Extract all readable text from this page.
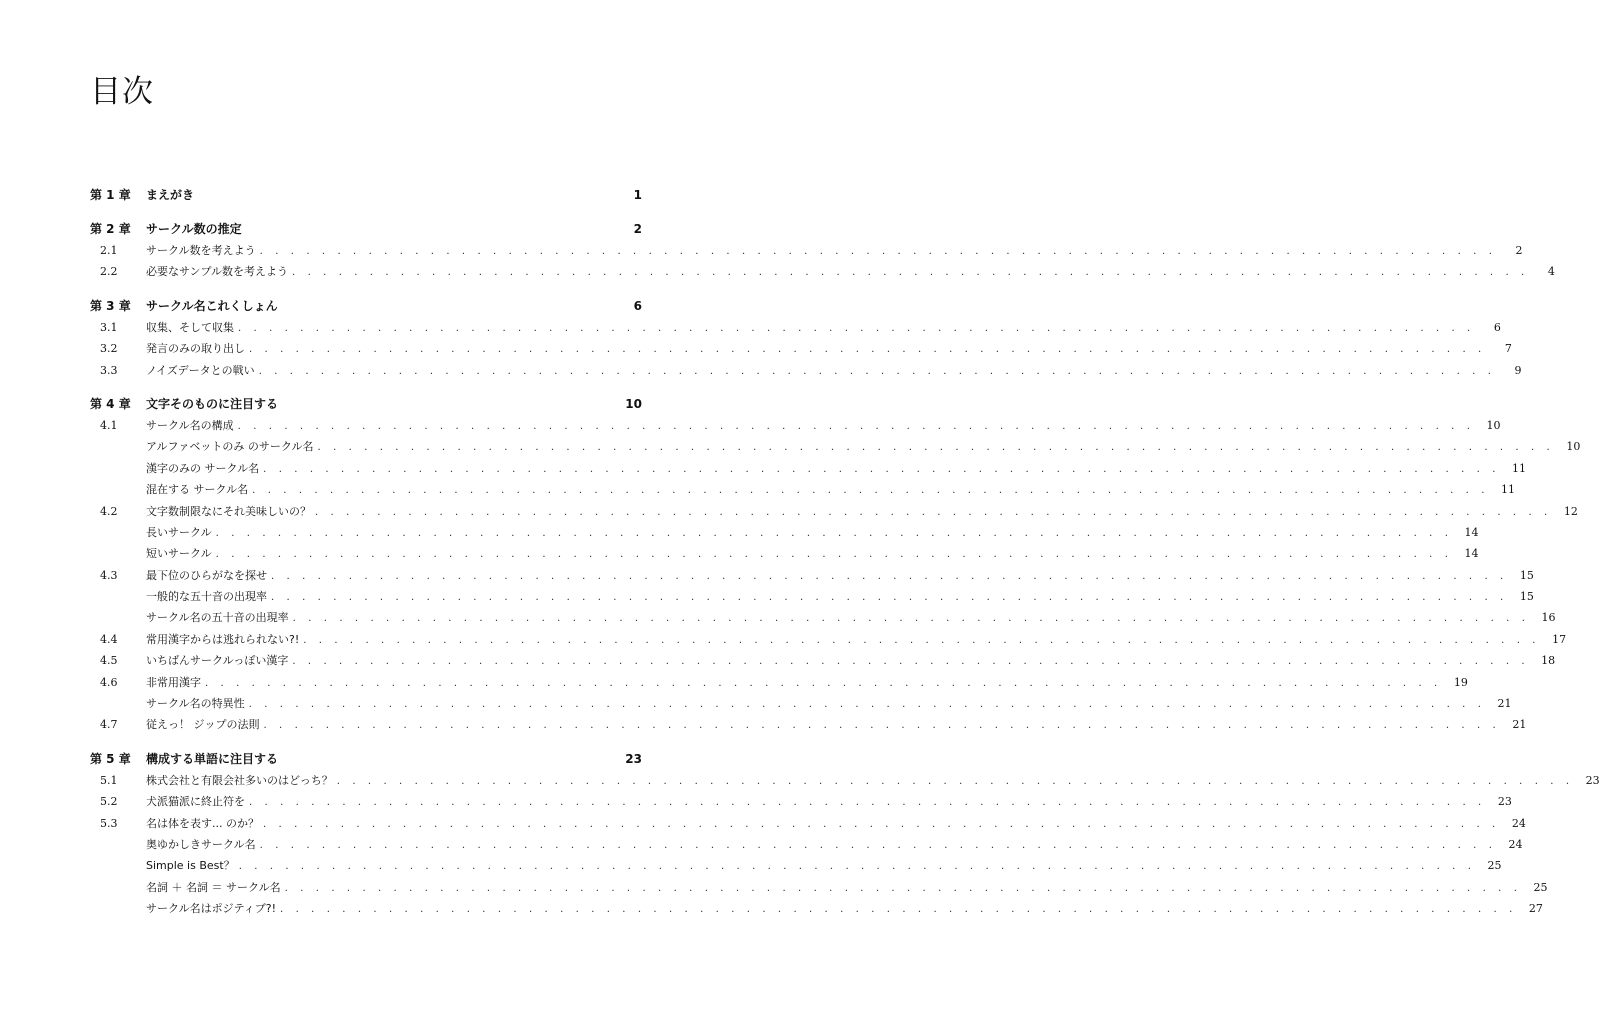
目次
第 1 章	まえがき	1
第 2 章	サークル数の推定	2
2.1	サークル数を考えよう . . . . . . . . . . . . . . . . . . . . . . . . . . . . . . . . . . . . . . . . . . . . . . . . . . . . . . . . . . . . . . . . . . . . . . . . . . . . . . . .	2
2.2	必要なサンプル数を考えよう . . . . . . . . . . . . . . . . . . . . . . . . . . . . . . . . . . . . . . . . . . . . . . . . . . . . . . . . . . . . . . . . . . . . . . . . . . . . . . . .	4
第 3 章	サークル名これくしょん	6
3.1	収集、そして収集 . . . . . . . . . . . . . . . . . . . . . . . . . . . . . . . . . . . . . . . . . . . . . . . . . . . . . . . . . . . . . . . . . . . . . . . . . . . . . . . .	6
3.2	発言のみの取り出し . . . . . . . . . . . . . . . . . . . . . . . . . . . . . . . . . . . . . . . . . . . . . . . . . . . . . . . . . . . . . . . . . . . . . . . . . . . . . . . .	7
3.3	ノイズデータとの戦い . . . . . . . . . . . . . . . . . . . . . . . . . . . . . . . . . . . . . . . . . . . . . . . . . . . . . . . . . . . . . . . . . . . . . . . . . . . . . . . .	9
第 4 章	文字そのものに注目する	10
4.1	サークル名の構成 . . . . . . . . . . . . . . . . . . . . . . . . . . . . . . . . . . . . . . . . . . . . . . . . . . . . . . . . . . . . . . . . . . . . . . . . . . . . . . . .	10
アルファベットのみ のサークル名 . . . . . . . . . . . . . . . . . . . . . . . . . . . . . . . . . . . . . . . . . . . . . . . . . . . . . . . . . . . . . . . . . . . . . . . . . . . . . . . .	10
漢字のみの サークル名 . . . . . . . . . . . . . . . . . . . . . . . . . . . . . . . . . . . . . . . . . . . . . . . . . . . . . . . . . . . . . . . . . . . . . . . . . . . . . . . .	11
混在する サークル名 . . . . . . . . . . . . . . . . . . . . . . . . . . . . . . . . . . . . . . . . . . . . . . . . . . . . . . . . . . . . . . . . . . . . . . . . . . . . . . . .	11
4.2	文字数制限なにそれ美味しいの？ . . . . . . . . . . . . . . . . . . . . . . . . . . . . . . . . . . . . . . . . . . . . . . . . . . . . . . . . . . . . . . . . . . . . . . . . . . . . . . . .	12
長いサークル . . . . . . . . . . . . . . . . . . . . . . . . . . . . . . . . . . . . . . . . . . . . . . . . . . . . . . . . . . . . . . . . . . . . . . . . . . . . . . . .	14
短いサークル . . . . . . . . . . . . . . . . . . . . . . . . . . . . . . . . . . . . . . . . . . . . . . . . . . . . . . . . . . . . . . . . . . . . . . . . . . . . . . . .	14
4.3	最下位のひらがなを探せ . . . . . . . . . . . . . . . . . . . . . . . . . . . . . . . . . . . . . . . . . . . . . . . . . . . . . . . . . . . . . . . . . . . . . . . . . . . . . . . .	15
一般的な五十音の出現率 . . . . . . . . . . . . . . . . . . . . . . . . . . . . . . . . . . . . . . . . . . . . . . . . . . . . . . . . . . . . . . . . . . . . . . . . . . . . . . . .	15
サークル名の五十音の出現率 . . . . . . . . . . . . . . . . . . . . . . . . . . . . . . . . . . . . . . . . . . . . . . . . . . . . . . . . . . . . . . . . . . . . . . . . . . . . . . . .	16
4.4	常用漢字からは逃れられない?! . . . . . . . . . . . . . . . . . . . . . . . . . . . . . . . . . . . . . . . . . . . . . . . . . . . . . . . . . . . . . . . . . . . . . . . . . . . . . . . .	17
4.5	いちばんサークルっぽい漢字 . . . . . . . . . . . . . . . . . . . . . . . . . . . . . . . . . . . . . . . . . . . . . . . . . . . . . . . . . . . . . . . . . . . . . . . . . . . . . . . .	18
4.6	非常用漢字 . . . . . . . . . . . . . . . . . . . . . . . . . . . . . . . . . . . . . . . . . . . . . . . . . . . . . . . . . . . . . . . . . . . . . . . . . . . . . . . .	19
サークル名の特異性 . . . . . . . . . . . . . . . . . . . . . . . . . . . . . . . . . . . . . . . . . . . . . . . . . . . . . . . . . . . . . . . . . . . . . . . . . . . . . . . .	21
4.7	従えっ！ ジップの法則 . . . . . . . . . . . . . . . . . . . . . . . . . . . . . . . . . . . . . . . . . . . . . . . . . . . . . . . . . . . . . . . . . . . . . . . . . . . . . . . .	21
第 5 章	構成する単語に注目する	23
5.1	株式会社と有限会社多いのはどっち？ . . . . . . . . . . . . . . . . . . . . . . . . . . . . . . . . . . . . . . . . . . . . . . . . . . . . . . . . . . . . . . . . . . . . . . . . . . . . . . . .	23
5.2	犬派猫派に終止符を . . . . . . . . . . . . . . . . . . . . . . . . . . . . . . . . . . . . . . . . . . . . . . . . . . . . . . . . . . . . . . . . . . . . . . . . . . . . . . . .	23
5.3	名は体を表す... のか？ . . . . . . . . . . . . . . . . . . . . . . . . . . . . . . . . . . . . . . . . . . . . . . . . . . . . . . . . . . . . . . . . . . . . . . . . . . . . . . . .	24
奥ゆかしきサークル名 . . . . . . . . . . . . . . . . . . . . . . . . . . . . . . . . . . . . . . . . . . . . . . . . . . . . . . . . . . . . . . . . . . . . . . . . . . . . . . . .	24
Simple is Best？ . . . . . . . . . . . . . . . . . . . . . . . . . . . . . . . . . . . . . . . . . . . . . . . . . . . . . . . . . . . . . . . . . . . . . . . . . . . . . . . .	25
名詞 ＋ 名詞 ＝ サークル名 . . . . . . . . . . . . . . . . . . . . . . . . . . . . . . . . . . . . . . . . . . . . . . . . . . . . . . . . . . . . . . . . . . . . . . . . . . . . . . . .	25
サークル名はポジティブ?! . . . . . . . . . . . . . . . . . . . . . . . . . . . . . . . . . . . . . . . . . . . . . . . . . . . . . . . . . . . . . . . . . . . . . . . . . . . . . . . .	27
